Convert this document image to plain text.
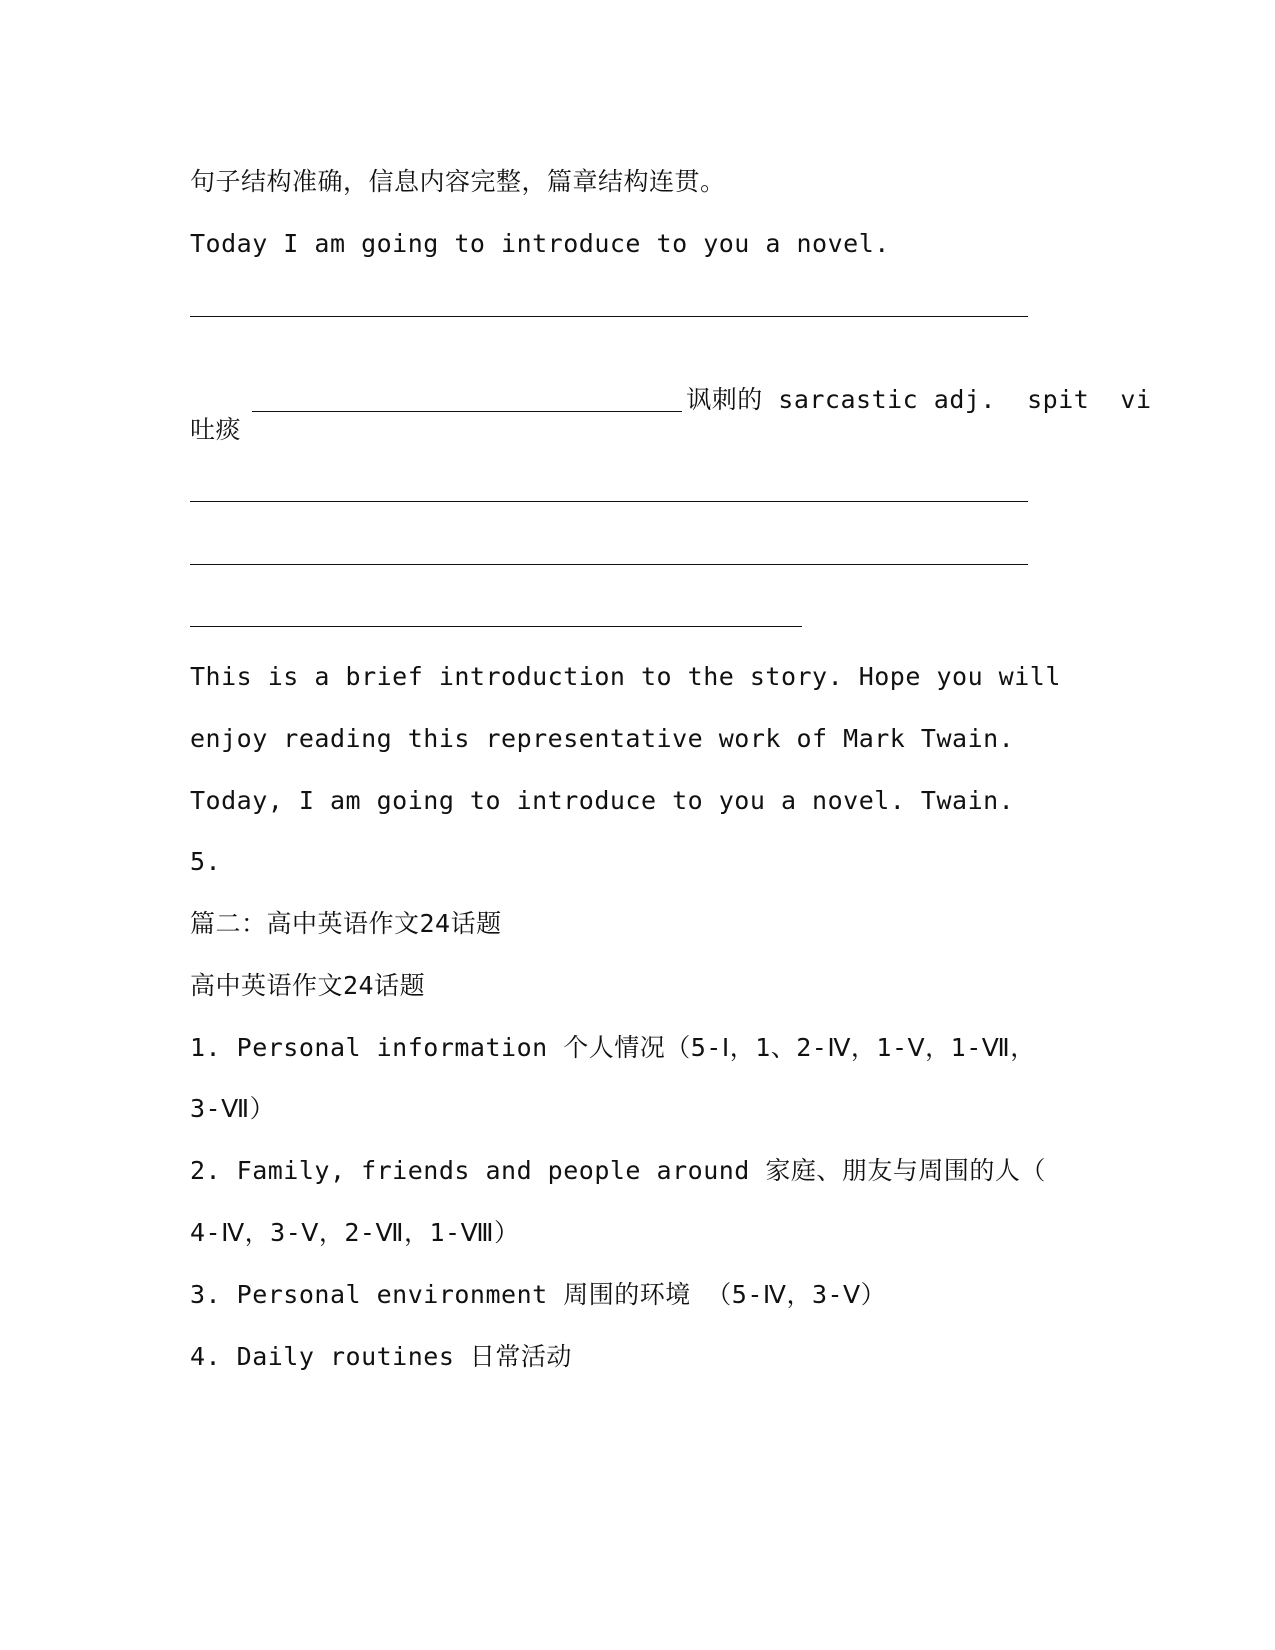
句子结构准确，信息内容完整，篇章结构连贯。
Today I am going to introduce to you a novel.

讽刺的 sarcastic adj.  spit  vi

吐痰
This is a brief introduction to the story. Hope you will
enjoy reading this representative work of Mark Twain.
Today, I am going to introduce to you a novel. Twain.
5.
篇二：高中英语作文24话题
高中英语作文24话题
1. Personal information 个人情况（5-Ⅰ，1、2-Ⅳ，1-Ⅴ，1-Ⅶ，
3-Ⅶ）
2. Family, friends and people around 家庭、朋友与周围的人（
4-Ⅳ，3-Ⅴ，2-Ⅶ，1-Ⅷ）
3. Personal environment 周围的环境 （5-Ⅳ，3-Ⅴ）
4. Daily routines 日常活动
